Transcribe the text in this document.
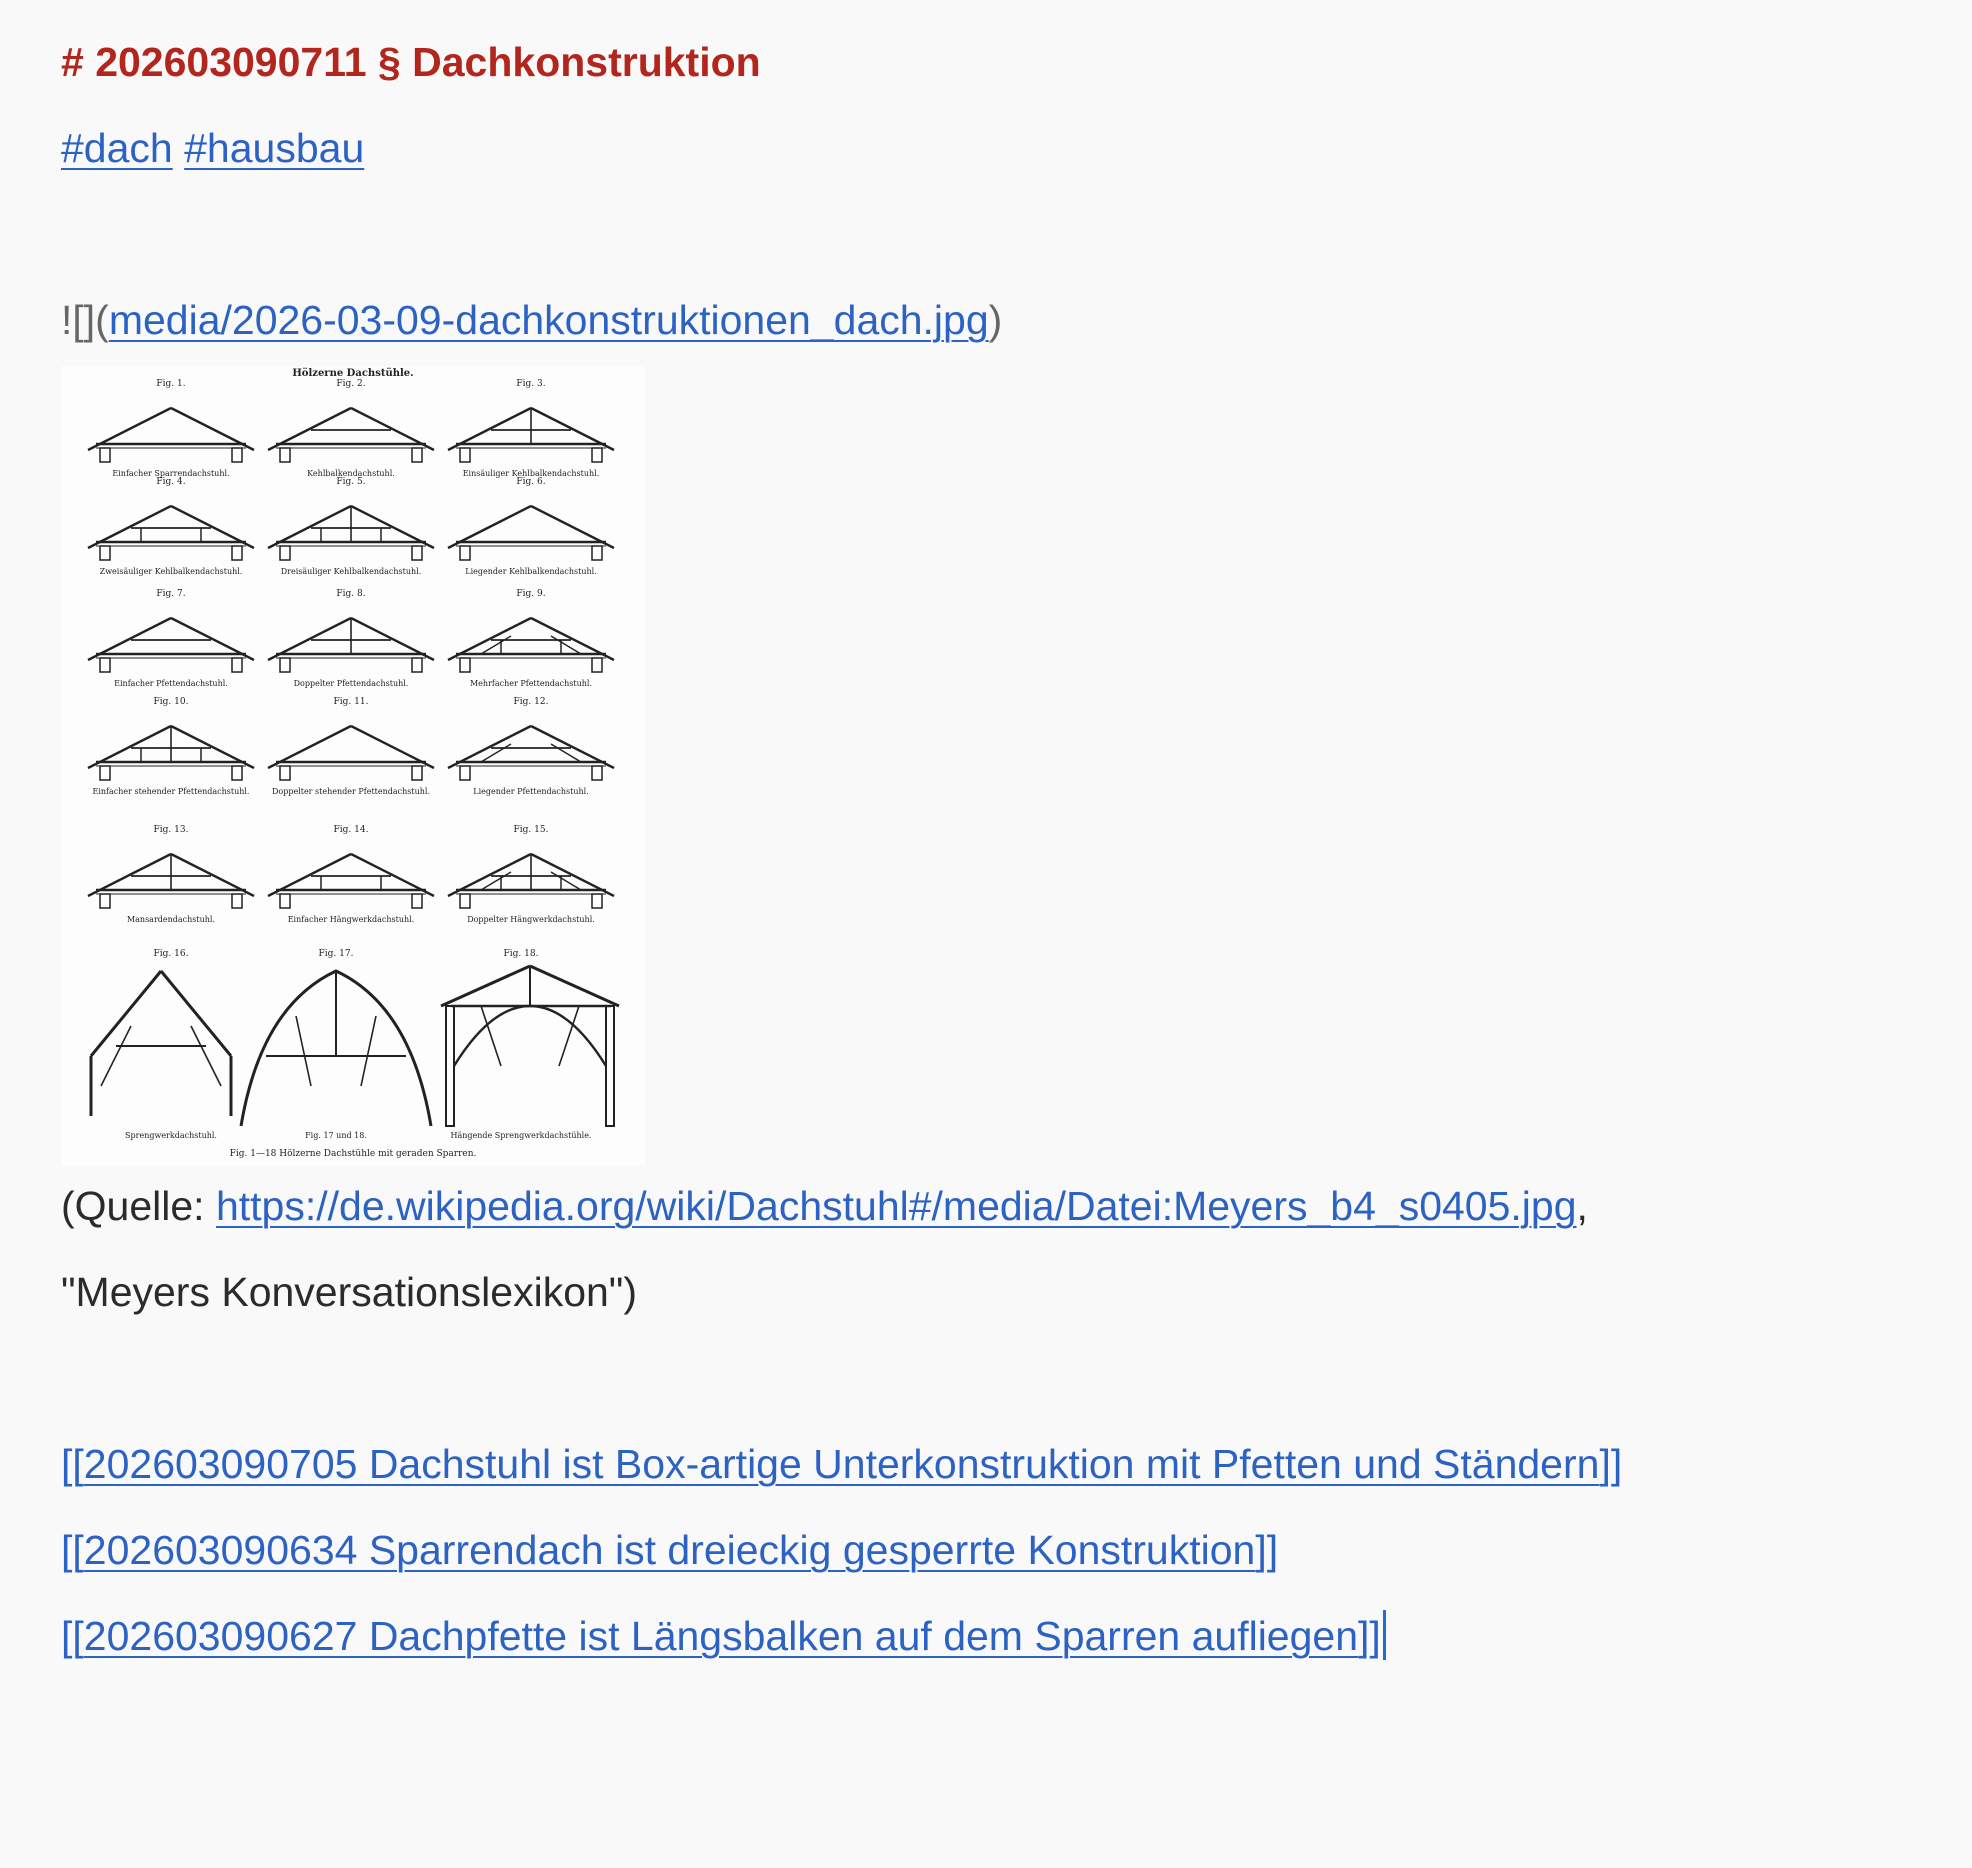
# 202603090711 § Dachkonstruktion
#dach #hausbau
![](media/2026-03-09-dachkonstruktionen_dach.jpg)
Hölzerne Dachstühle.
Fig. 1.
Einfacher Sparrendachstuhl.
Fig. 2.
Kehlbalkendachstuhl.
Fig. 3.
Einsäuliger Kehlbalkendachstuhl.
Fig. 4.
Zweisäuliger Kehlbalkendachstuhl.
Fig. 5.
Dreisäuliger Kehlbalkendachstuhl.
Fig. 6.
Liegender Kehlbalkendachstuhl.
Fig. 7.
Einfacher Pfettendachstuhl.
Fig. 8.
Doppelter Pfettendachstuhl.
Fig. 9.
Mehrfacher Pfettendachstuhl.
Fig. 10.
Einfacher stehender Pfettendachstuhl.
Fig. 11.
Doppelter stehender Pfettendachstuhl.
Fig. 12.
Liegender Pfettendachstuhl.
Fig. 13.
Mansardendachstuhl.
Fig. 14.
Einfacher Hängwerkdachstuhl.
Fig. 15.
Doppelter Hängwerkdachstuhl.
Fig. 16.	Fig. 17.	Fig. 18.
Sprengwerkdachstuhl.	Fig. 17 und 18.	Hängende Sprengwerkdachstühle.
Fig. 1—18 Hölzerne Dachstühle mit geraden Sparren.
(Quelle: https://de.wikipedia.org/wiki/Dachstuhl#/media/Datei:Meyers_b4_s0405.jpg,
"Meyers Konversationslexikon")
[[202603090705 Dachstuhl ist Box-artige Unterkonstruktion mit Pfetten und Ständern]]
[[202603090634 Sparrendach ist dreieckig gesperrte Konstruktion]]
[[202603090627 Dachpfette ist Längsbalken auf dem Sparren aufliegen]]
